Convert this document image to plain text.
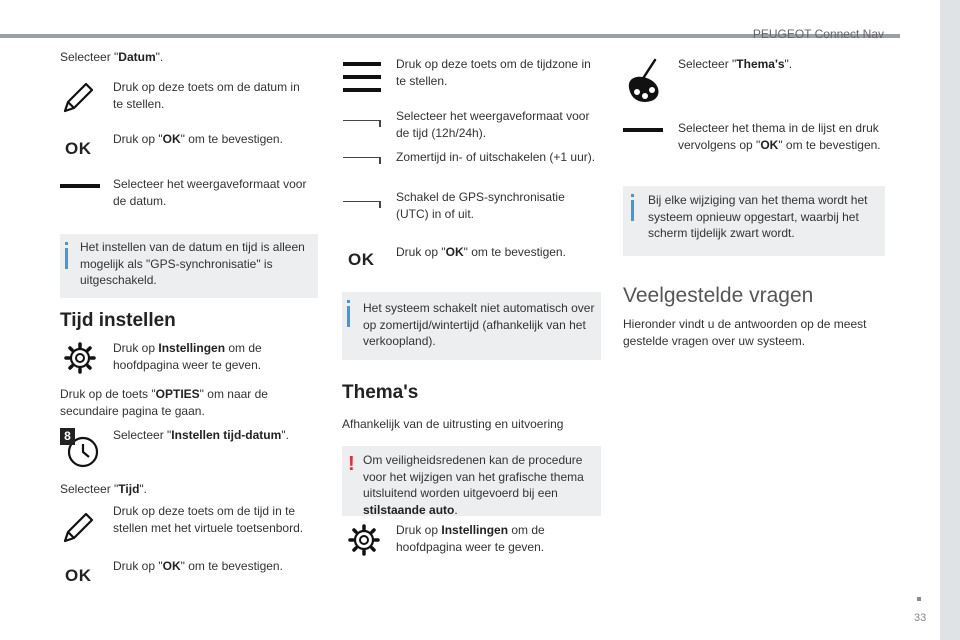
PEUGEOT Connect Nav
33
Selecteer "Datum".
Druk op deze toets om de datum in te stellen.
OK Druk op "OK" om te bevestigen.
Selecteer het weergaveformaat voor de datum.
Het instellen van de datum en tijd is alleen mogelijk als "GPS-synchronisatie" is uitgeschakeld.
Tijd instellen
Druk op Instellingen om de hoofdpagina weer te geven.
Druk op de toets "OPTIES" om naar de secundaire pagina te gaan.
8	Selecteer "Instellen tijd-datum".
Selecteer "Tijd".
Druk op deze toets om de tijd in te stellen met het virtuele toetsenbord.
OK Druk op "OK" om te bevestigen.
Druk op deze toets om de tijdzone in te stellen.
Selecteer het weergaveformaat voor de tijd (12h/24h).
Zomertijd in- of uitschakelen (+1 uur).
Schakel de GPS-synchronisatie (UTC) in of uit.
OK Druk op "OK" om te bevestigen.
Het systeem schakelt niet automatisch over op zomertijd/wintertijd (afhankelijk van het verkoopland).
Thema's
Afhankelijk van de uitrusting en uitvoering
! Om veiligheidsredenen kan de procedure voor het wijzigen van het grafische thema uitsluitend worden uitgevoerd bij een stilstaande auto.
Druk op Instellingen om de hoofdpagina weer te geven.
Selecteer "Thema's".
Selecteer het thema in de lijst en druk vervolgens op "OK" om te bevestigen.
Bij elke wijziging van het thema wordt het systeem opnieuw opgestart, waarbij het scherm tijdelijk zwart wordt.
Veelgestelde vragen
Hieronder vindt u de antwoorden op de meest gestelde vragen over uw systeem.
